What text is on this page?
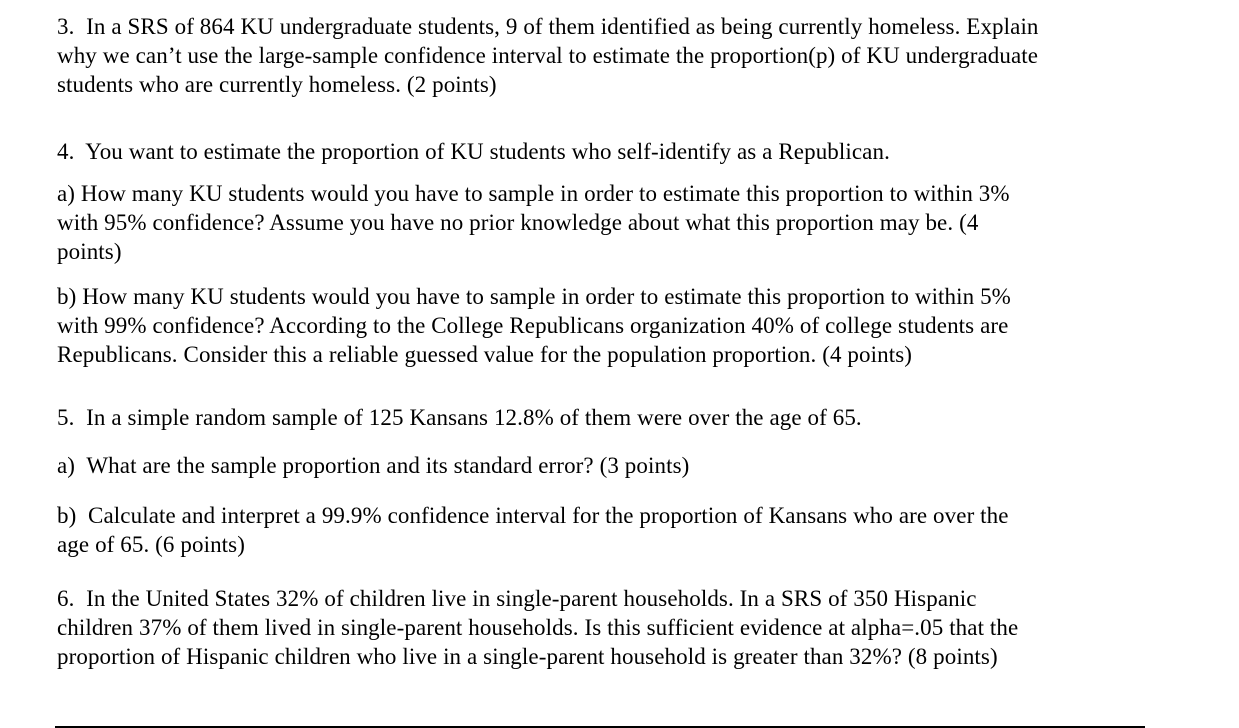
3.  In a SRS of 864 KU undergraduate students, 9 of them identified as being currently homeless. Explain
why we can’t use the large-sample confidence interval to estimate the proportion(p) of KU undergraduate
students who are currently homeless. (2 points)

4.  You want to estimate the proportion of KU students who self-identify as a Republican.

a) How many KU students would you have to sample in order to estimate this proportion to within 3%
with 95% confidence? Assume you have no prior knowledge about what this proportion may be. (4
points)

b) How many KU students would you have to sample in order to estimate this proportion to within 5%
with 99% confidence? According to the College Republicans organization 40% of college students are
Republicans. Consider this a reliable guessed value for the population proportion. (4 points)

5.  In a simple random sample of 125 Kansans 12.8% of them were over the age of 65.

a)  What are the sample proportion and its standard error? (3 points)

b)  Calculate and interpret a 99.9% confidence interval for the proportion of Kansans who are over the
age of 65. (6 points)

6.  In the United States 32% of children live in single-parent households. In a SRS of 350 Hispanic
children 37% of them lived in single-parent households. Is this sufficient evidence at alpha=.05 that the
proportion of Hispanic children who live in a single-parent household is greater than 32%? (8 points)
